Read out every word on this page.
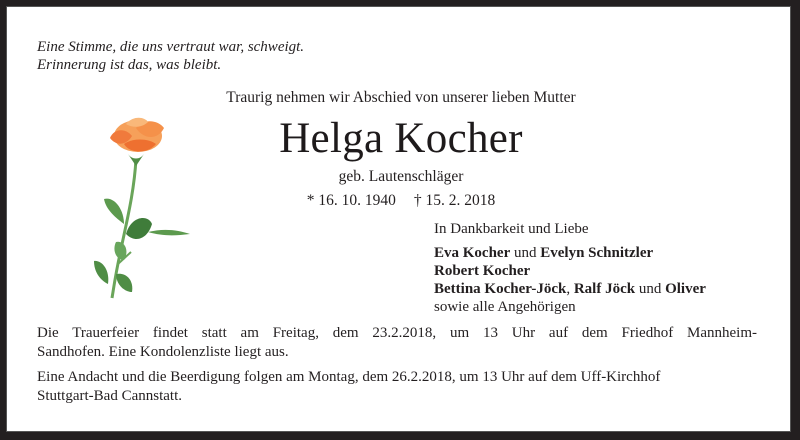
Eine Stimme, die uns vertraut war, schweigt.
Erinnerung ist das, was bleibt.
Traurig nehmen wir Abschied von unserer lieben Mutter
Helga Kocher
geb. Lautenschläger
* 16. 10. 1940 † 15. 2. 2018
In Dankbarkeit und Liebe
Eva Kocher und Evelyn Schnitzler
Robert Kocher
Bettina Kocher-Jöck, Ralf Jöck und Oliver
sowie alle Angehörigen
Die Trauerfeier findet statt am Freitag, dem 23.2.2018, um 13 Uhr auf dem Friedhof Mannheim-
Sandhofen. Eine Kondolenzliste liegt aus.
Eine Andacht und die Beerdigung folgen am Montag, dem 26.2.2018, um 13 Uhr auf dem Uff-Kirchhof
Stuttgart-Bad Cannstatt.
